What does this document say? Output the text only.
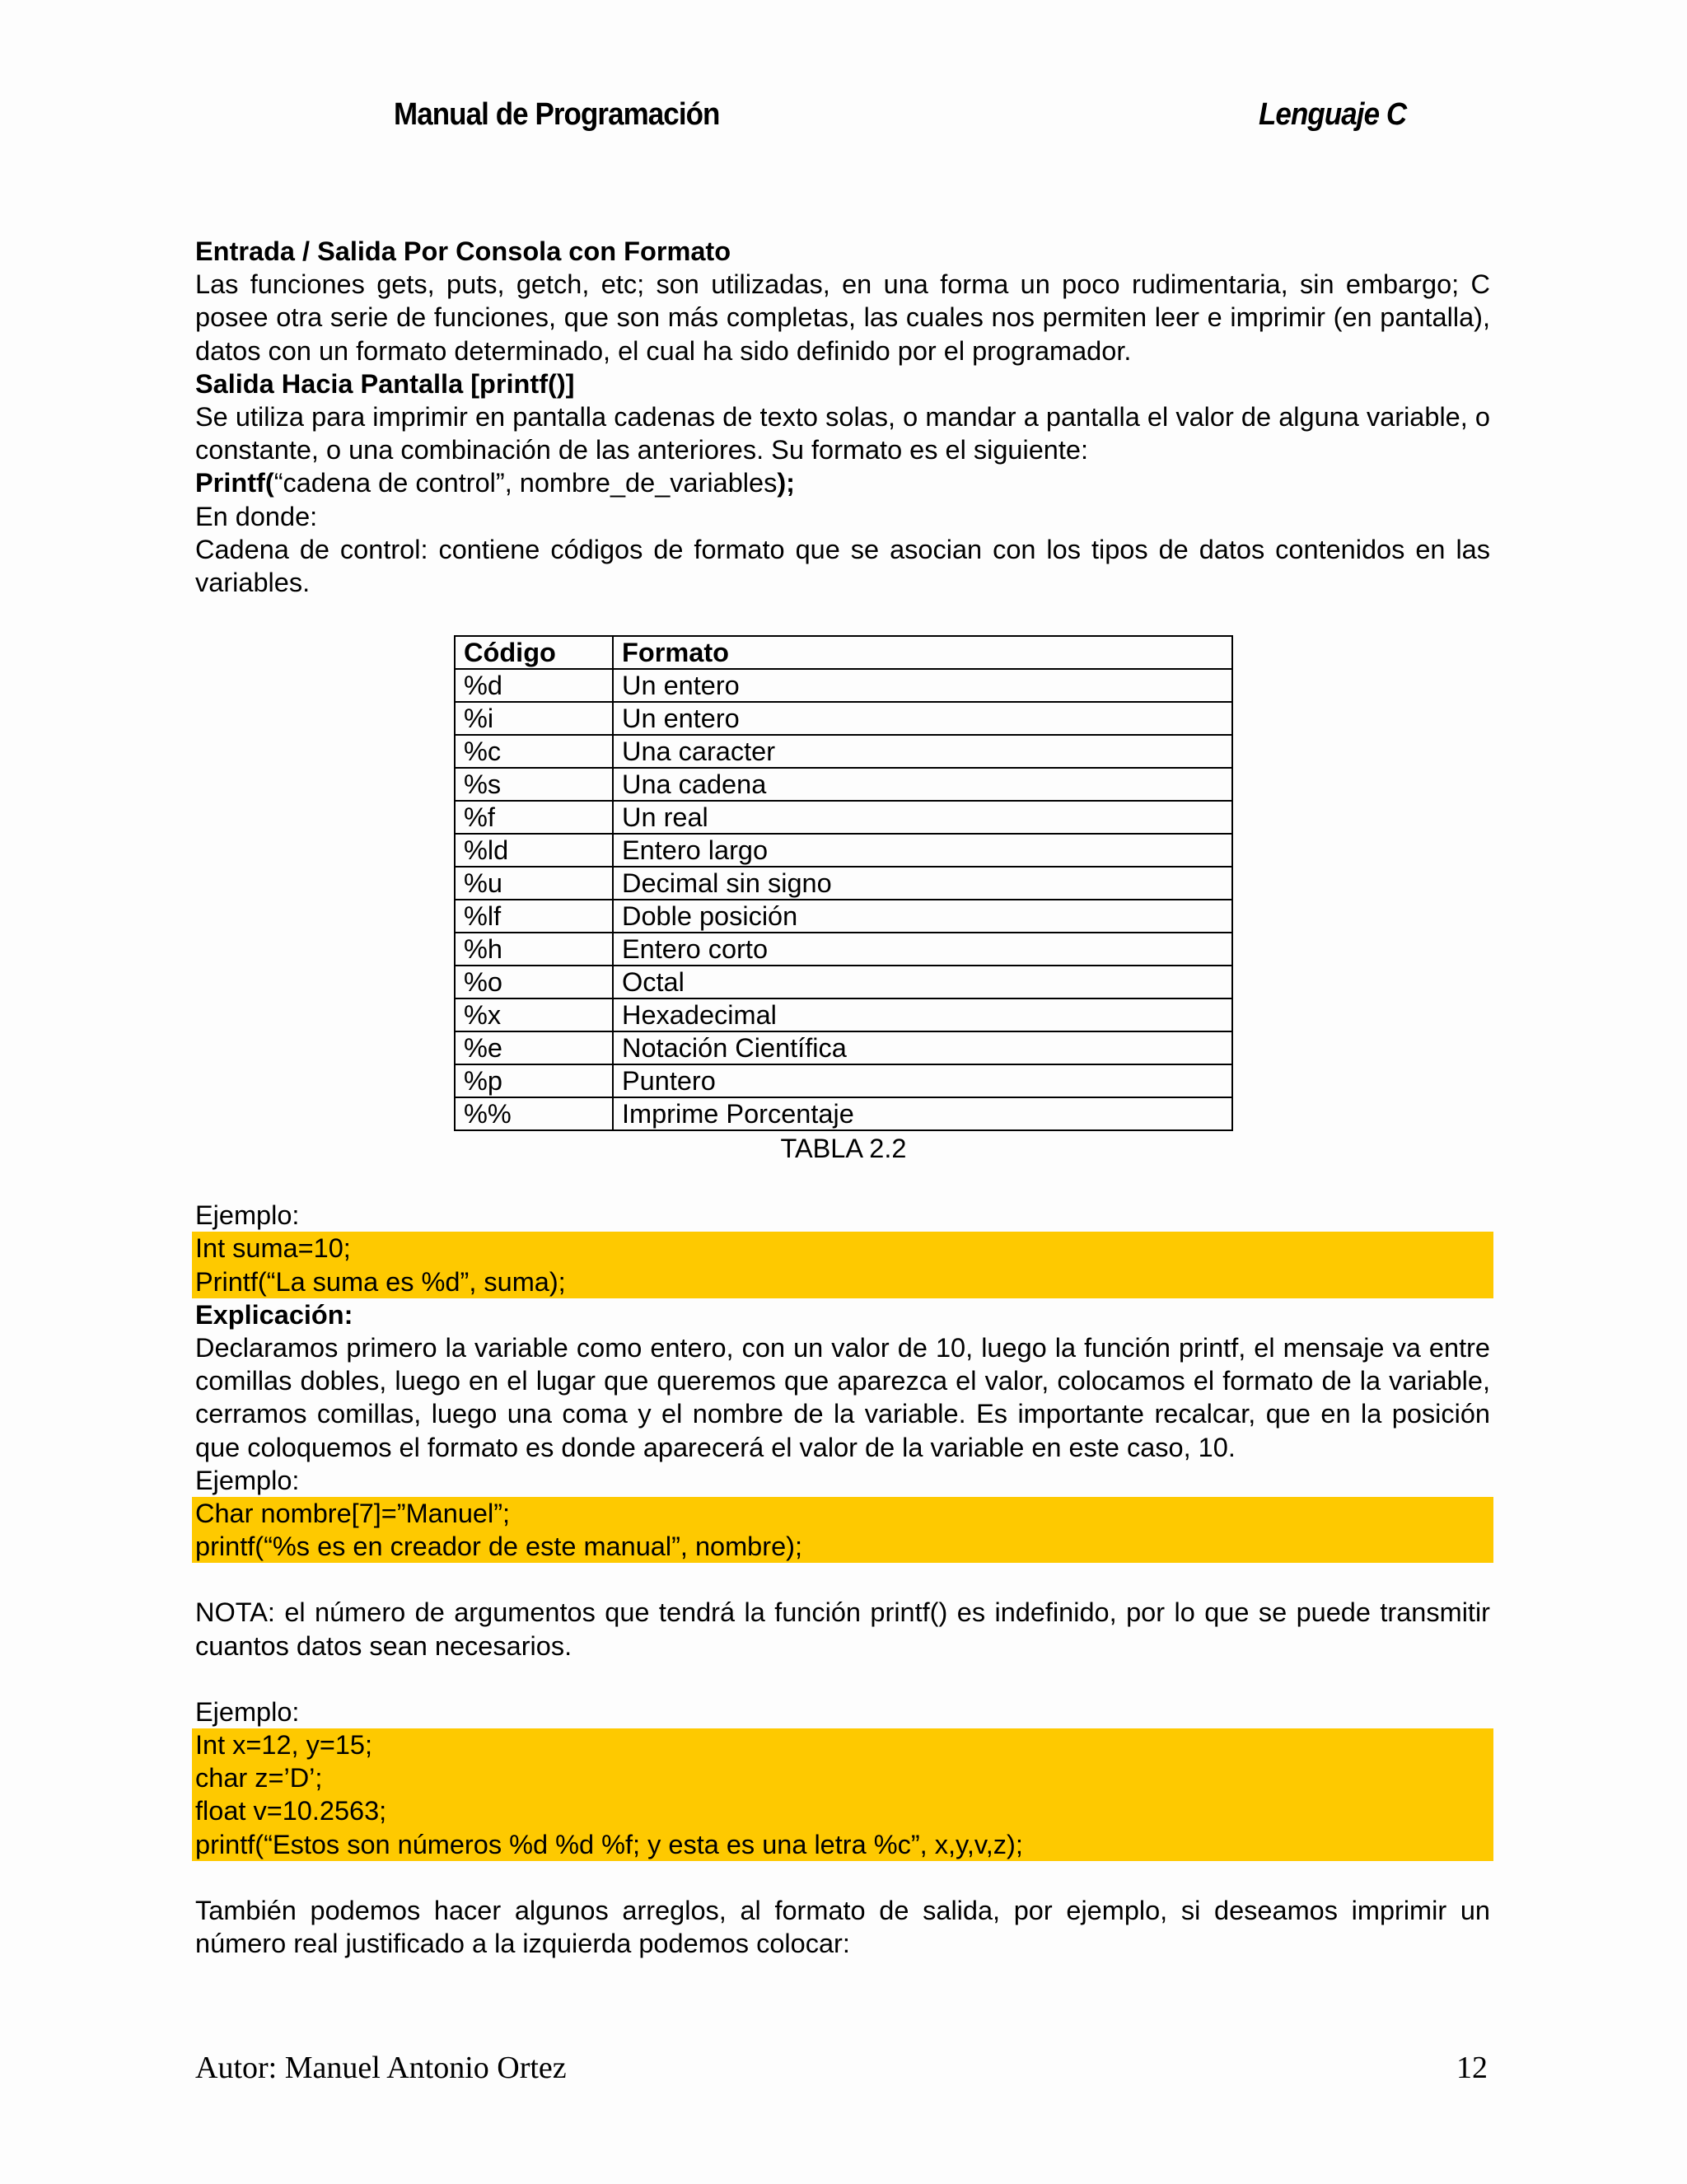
Manual de Programación	Lenguaje C

Entrada / Salida Por Consola con Formato

Las funciones gets, puts, getch, etc; son utilizadas, en una forma un poco rudimentaria, sin embargo; C posee otra serie de funciones, que son más completas, las cuales nos permiten leer e imprimir (en pantalla), datos con un formato determinado, el cual ha sido definido por el programador.

Salida Hacia Pantalla [printf()]

Se utiliza para imprimir en pantalla cadenas de texto solas, o mandar a pantalla el valor de alguna variable, o constante, o una combinación de las anteriores. Su formato es el siguiente:

Printf(“cadena de control”, nombre_de_variables);

En donde:

Cadena de control: contiene códigos de formato que se asocian con los tipos de datos contenidos en las variables.

Código	Formato
%d	Un entero
%i	Un entero
%c	Una caracter
%s	Una cadena
%f	Un real
%ld	Entero largo
%u	Decimal sin signo
%lf	Doble posición
%h	Entero corto
%o	Octal
%x	Hexadecimal
%e	Notación Científica
%p	Puntero
%%	Imprime Porcentaje
TABLA 2.2

Ejemplo:

Int suma=10;
Printf(“La suma es %d”, suma);

Explicación:

Declaramos primero la variable como entero, con un valor de 10, luego la función printf, el mensaje va entre comillas dobles, luego en el lugar que queremos que aparezca el valor, colocamos el formato de la variable, cerramos comillas, luego una coma y el nombre de la variable. Es importante recalcar, que en la posición que coloquemos el formato es donde aparecerá el valor de la variable en este caso, 10.

Ejemplo:

Char nombre[7]=”Manuel”;
printf(“%s es en creador de este manual”, nombre);

NOTA: el número de argumentos que tendrá la función printf() es indefinido, por lo que se puede transmitir cuantos datos sean necesarios.

Ejemplo:

Int x=12, y=15;
char z=’D’;
float v=10.2563;
printf(“Estos son números %d %d %f; y esta es una letra %c”, x,y,v,z);

También podemos hacer algunos arreglos, al formato de salida, por ejemplo, si deseamos imprimir un número real justificado a la izquierda podemos colocar:

Autor: Manuel Antonio Ortez	12
